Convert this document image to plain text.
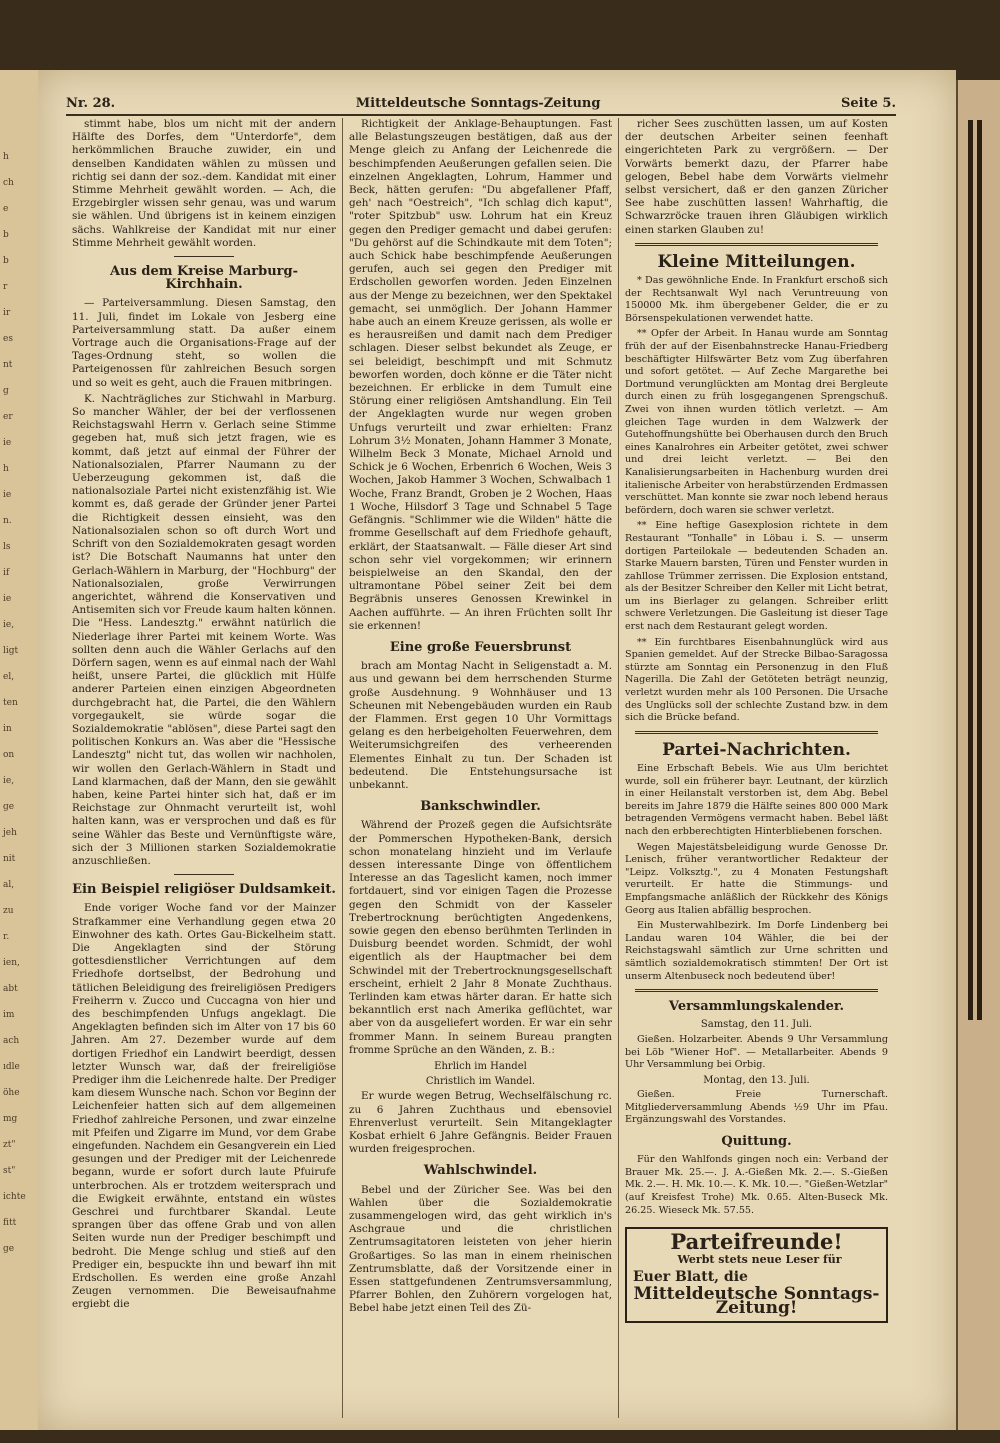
h
ch
e
b
b
r
ir
es
nt
g
er
ie
h
ie
n.
ls
if
ie
ie,
ligt
el,
ten
in
on
ie,
ge
jeh
nit
al,
zu
r.
ien,
abt
im
ach
ıdle
öhe
mg
zt"
st"
ichte
fitt
ge
Nr. 28.	Mitteldeutsche Sonntags-Zeitung	Seite 5.

stimmt habe, blos um nicht mit der andern Hälfte des Dorfes, dem "Unterdorfe", dem herkömmlichen Brauche zuwider, ein und denselben Kandidaten wählen zu müssen und richtig sei dann der soz.-dem. Kandidat mit einer Stimme Mehrheit gewählt worden. — Ach, die Erzgebirgler wissen sehr genau, was und warum sie wählen. Und übrigens ist in keinem einzigen sächs. Wahlkreise der Kandidat mit nur einer Stimme Mehrheit gewählt worden.

Aus dem Kreise Marburg-Kirchhain.

— Parteiversammlung. Diesen Samstag, den 11. Juli, findet im Lokale von Jesberg eine Parteiversammlung statt. Da außer einem Vortrage auch die Organisations-Frage auf der Tages-Ordnung steht, so wollen die Parteigenossen für zahlreichen Besuch sorgen und so weit es geht, auch die Frauen mitbringen.

K. Nachträgliches zur Stichwahl in Marburg. So mancher Wähler, der bei der verflossenen Reichstagswahl Herrn v. Gerlach seine Stimme gegeben hat, muß sich jetzt fragen, wie es kommt, daß jetzt auf einmal der Führer der Nationalsozialen, Pfarrer Naumann zu der Ueberzeugung gekommen ist, daß die nationalsoziale Partei nicht existenzfähig ist. Wie kommt es, daß gerade der Gründer jener Partei die Richtigkeit dessen einsieht, was den Nationalsozialen schon so oft durch Wort und Schrift von den Sozialdemokraten gesagt worden ist? Die Botschaft Naumanns hat unter den Gerlach-Wählern in Marburg, der "Hochburg" der Nationalsozialen, große Verwirrungen angerichtet, während die Konservativen und Antisemiten sich vor Freude kaum halten können. Die "Hess. Landesztg." erwähnt natürlich die Niederlage ihrer Partei mit keinem Worte. Was sollten denn auch die Wähler Gerlachs auf den Dörfern sagen, wenn es auf einmal nach der Wahl heißt, unsere Partei, die glücklich mit Hülfe anderer Parteien einen einzigen Abgeordneten durchgebracht hat, die Partei, die den Wählern vorgegaukelt, sie würde sogar die Sozialdemokratie "ablösen", diese Partei sagt den politischen Konkurs an. Was aber die "Hessische Landesztg" nicht tut, das wollen wir nachholen, wir wollen den Gerlach-Wählern in Stadt und Land klarmachen, daß der Mann, den sie gewählt haben, keine Partei hinter sich hat, daß er im Reichstage zur Ohnmacht verurteilt ist, wohl halten kann, was er versprochen und daß es für seine Wähler das Beste und Vernünftigste wäre, sich der 3 Millionen starken Sozialdemokratie anzuschließen.

Ein Beispiel religiöser Duldsamkeit.

Ende voriger Woche fand vor der Mainzer Strafkammer eine Verhandlung gegen etwa 20 Einwohner des kath. Ortes Gau-Bickelheim statt. Die Angeklagten sind der Störung gottesdienstlicher Verrichtungen auf dem Friedhofe dortselbst, der Bedrohung und tätlichen Beleidigung des freireligiösen Predigers Freiherrn v. Zucco und Cuccagna von hier und des beschimpfenden Unfugs angeklagt. Die Angeklagten befinden sich im Alter von 17 bis 60 Jahren. Am 27. Dezember wurde auf dem dortigen Friedhof ein Landwirt beerdigt, dessen letzter Wunsch war, daß der freireligiöse Prediger ihm die Leichenrede halte. Der Prediger kam diesem Wunsche nach. Schon vor Beginn der Leichenfeier hatten sich auf dem allgemeinen Friedhof zahlreiche Personen, und zwar einzelne mit Pfeifen und Zigarre im Mund, vor dem Grabe eingefunden. Nachdem ein Gesangverein ein Lied gesungen und der Prediger mit der Leichenrede begann, wurde er sofort durch laute Pfuirufe unterbrochen. Als er trotzdem weitersprach und die Ewigkeit erwähnte, entstand ein wüstes Geschrei und furchtbarer Skandal. Leute sprangen über das offene Grab und von allen Seiten wurde nun der Prediger beschimpft und bedroht. Die Menge schlug und stieß auf den Prediger ein, bespuckte ihn und bewarf ihn mit Erdschollen. Es werden eine große Anzahl Zeugen vernommen. Die Beweisaufnahme ergiebt die

Richtigkeit der Anklage-Behauptungen. Fast alle Belastungszeugen bestätigen, daß aus der Menge gleich zu Anfang der Leichenrede die beschimpfenden Aeußerungen gefallen seien. Die einzelnen Angeklagten, Lohrum, Hammer und Beck, hätten gerufen: "Du abgefallener Pfaff, geh' nach "Oestreich", "Ich schlag dich kaput", "roter Spitzbub" usw. Lohrum hat ein Kreuz gegen den Prediger gemacht und dabei gerufen: "Du gehörst auf die Schindkaute mit dem Toten"; auch Schick habe beschimpfende Aeußerungen gerufen, auch sei gegen den Prediger mit Erdschollen geworfen worden. Jeden Einzelnen aus der Menge zu bezeichnen, wer den Spektakel gemacht, sei unmöglich. Der Johann Hammer habe auch an einem Kreuze gerissen, als wolle er es herausreißen und damit nach dem Prediger schlagen. Dieser selbst bekundet als Zeuge, er sei beleidigt, beschimpft und mit Schmutz beworfen worden, doch könne er die Täter nicht bezeichnen. Er erblicke in dem Tumult eine Störung einer religiösen Amtshandlung. Ein Teil der Angeklagten wurde nur wegen groben Unfugs verurteilt und zwar erhielten: Franz Lohrum 3½ Monaten, Johann Hammer 3 Monate, Wilhelm Beck 3 Monate, Michael Arnold und Schick je 6 Wochen, Erbenrich 6 Wochen, Weis 3 Wochen, Jakob Hammer 3 Wochen, Schwalbach 1 Woche, Franz Brandt, Groben je 2 Wochen, Haas 1 Woche, Hilsdorf 3 Tage und Schnabel 5 Tage Gefängnis. "Schlimmer wie die Wilden" hätte die fromme Gesellschaft auf dem Friedhofe gehauft, erklärt, der Staatsanwalt. — Fälle dieser Art sind schon sehr viel vorgekommen; wir erinnern beispielweise an den Skandal, den der ultramontane Pöbel seiner Zeit bei dem Begräbnis unseres Genossen Krewinkel in Aachen aufführte. — An ihren Früchten sollt Ihr sie erkennen!

Eine große Feuersbrunst

brach am Montag Nacht in Seligenstadt a. M. aus und gewann bei dem herrschenden Sturme große Ausdehnung. 9 Wohnhäuser und 13 Scheunen mit Nebengebäuden wurden ein Raub der Flammen. Erst gegen 10 Uhr Vormittags gelang es den herbeigeholten Feuerwehren, dem Weiterumsichgreifen des verheerenden Elementes Einhalt zu tun. Der Schaden ist bedeutend. Die Entstehungsursache ist unbekannt.

Bankschwindler.

Während der Prozeß gegen die Aufsichtsräte der Pommerschen Hypotheken-Bank, dersich schon monatelang hinzieht und im Verlaufe dessen interessante Dinge von öffentlichem Interesse an das Tageslicht kamen, noch immer fortdauert, sind vor einigen Tagen die Prozesse gegen den Schmidt von der Kasseler Trebertrocknung berüchtigten Angedenkens, sowie gegen den ebenso berühmten Terlinden in Duisburg beendet worden. Schmidt, der wohl eigentlich als der Hauptmacher bei dem Schwindel mit der Trebertrocknungsgesellschaft erscheint, erhielt 2 Jahr 8 Monate Zuchthaus. Terlinden kam etwas härter daran. Er hatte sich bekanntlich erst nach Amerika geflüchtet, war aber von da ausgeliefert worden. Er war ein sehr frommer Mann. In seinem Bureau prangten fromme Sprüche an den Wänden, z. B.:

Ehrlich im Handel
Christlich im Wandel.

Er wurde wegen Betrug, Wechselfälschung rc. zu 6 Jahren Zuchthaus und ebensoviel Ehrenverlust verurteilt. Sein Mitangeklagter Kosbat erhielt 6 Jahre Gefängnis. Beider Frauen wurden freigesprochen.

Wahlschwindel.

Bebel und der Züricher See. Was bei den Wahlen über die Sozialdemokratie zusammengelogen wird, das geht wirklich in's Aschgraue und die christlichen Zentrumsagitatoren leisteten von jeher hierin Großartiges. So las man in einem rheinischen Zentrumsblatte, daß der Vorsitzende einer in Essen stattgefundenen Zentrumsversammlung, Pfarrer Bohlen, den Zuhörern vorgelogen hat, Bebel habe jetzt einen Teil des Zü-

richer Sees zuschütten lassen, um auf Kosten der deutschen Arbeiter seinen feenhaft eingerichteten Park zu vergrößern. — Der Vorwärts bemerkt dazu, der Pfarrer habe gelogen, Bebel habe dem Vorwärts vielmehr selbst versichert, daß er den ganzen Züricher See habe zuschütten lassen! Wahrhaftig, die Schwarzröcke trauen ihren Gläubigen wirklich einen starken Glauben zu!

Kleine Mitteilungen.

* Das gewöhnliche Ende. In Frankfurt erschoß sich der Rechtsanwalt Wyl nach Veruntreuung von 150000 Mk. ihm übergebener Gelder, die er zu Börsenspekulationen verwendet hatte.

** Opfer der Arbeit. In Hanau wurde am Sonntag früh der auf der Eisenbahnstrecke Hanau-Friedberg beschäftigter Hilfswärter Betz vom Zug überfahren und sofort getötet. — Auf Zeche Margarethe bei Dortmund verunglückten am Montag drei Bergleute durch einen zu früh losgegangenen Sprengschuß. Zwei von ihnen wurden tötlich verletzt. — Am gleichen Tage wurden in dem Walzwerk der Gutehoffnungshütte bei Oberhausen durch den Bruch eines Kanalrohres ein Arbeiter getötet, zwei schwer und drei leicht verletzt. — Bei den Kanalisierungsarbeiten in Hachenburg wurden drei italienische Arbeiter von herabstürzenden Erdmassen verschüttet. Man konnte sie zwar noch lebend heraus befördern, doch waren sie schwer verletzt.

** Eine heftige Gasexplosion richtete in dem Restaurant "Tonhalle" in Löbau i. S. — unserm dortigen Parteilokale — bedeutenden Schaden an. Starke Mauern barsten, Türen und Fenster wurden in zahllose Trümmer zerrissen. Die Explosion entstand, als der Besitzer Schreiber den Keller mit Licht betrat, um ins Bierlager zu gelangen. Schreiber erlitt schwere Verletzungen. Die Gasleitung ist dieser Tage erst nach dem Restaurant gelegt worden.

** Ein furchtbares Eisenbahnunglück wird aus Spanien gemeldet. Auf der Strecke Bilbao-Saragossa stürzte am Sonntag ein Personenzug in den Fluß Nagerilla. Die Zahl der Getöteten beträgt neunzig, verletzt wurden mehr als 100 Personen. Die Ursache des Unglücks soll der schlechte Zustand bzw. in dem sich die Brücke befand.

Partei-Nachrichten.

Eine Erbschaft Bebels. Wie aus Ulm berichtet wurde, soll ein früherer bayr. Leutnant, der kürzlich in einer Heilanstalt verstorben ist, dem Abg. Bebel bereits im Jahre 1879 die Hälfte seines 800 000 Mark betragenden Vermögens vermacht haben. Bebel läßt nach den erbberechtigten Hinterbliebenen forschen.

Wegen Majestätsbeleidigung wurde Genosse Dr. Lenisch, früher verantwortlicher Redakteur der "Leipz. Volksztg.", zu 4 Monaten Festungshaft verurteilt. Er hatte die Stimmungs- und Empfangsmache anläßlich der Rückkehr des Königs Georg aus Italien abfällig besprochen.

Ein Musterwahlbezirk. Im Dorfe Lindenberg bei Landau waren 104 Wähler, die bei der Reichstagswahl sämtlich zur Urne schritten und sämtlich sozialdemokratisch stimmten! Der Ort ist unserm Altenbuseck noch bedeutend über!

Versammlungskalender.
Samstag, den 11. Juli.

Gießen. Holzarbeiter. Abends 9 Uhr Versammlung bei Löb "Wiener Hof". — Metallarbeiter. Abends 9 Uhr Versammlung bei Orbig.

Montag, den 13. Juli.

Gießen. Freie Turnerschaft. Mitgliederversammlung Abends ½9 Uhr im Pfau. Ergänzungswahl des Vorstandes.

Quittung.

Für den Wahlfonds gingen noch ein: Verband der Brauer Mk. 25.—. J. A.-Gießen Mk. 2.—. S.-Gießen Mk. 2.—. H. Mk. 10.—. K. Mk. 10.—. "Gießen-Wetzlar" (auf Kreisfest Trohe) Mk. 0.65. Alten-Buseck Mk. 26.25. Wieseck Mk. 57.55.

Parteifreunde! Werbt stets neue Leser für
Euer Blatt, die
Mitteldeutsche Sonntags-Zeitung!
